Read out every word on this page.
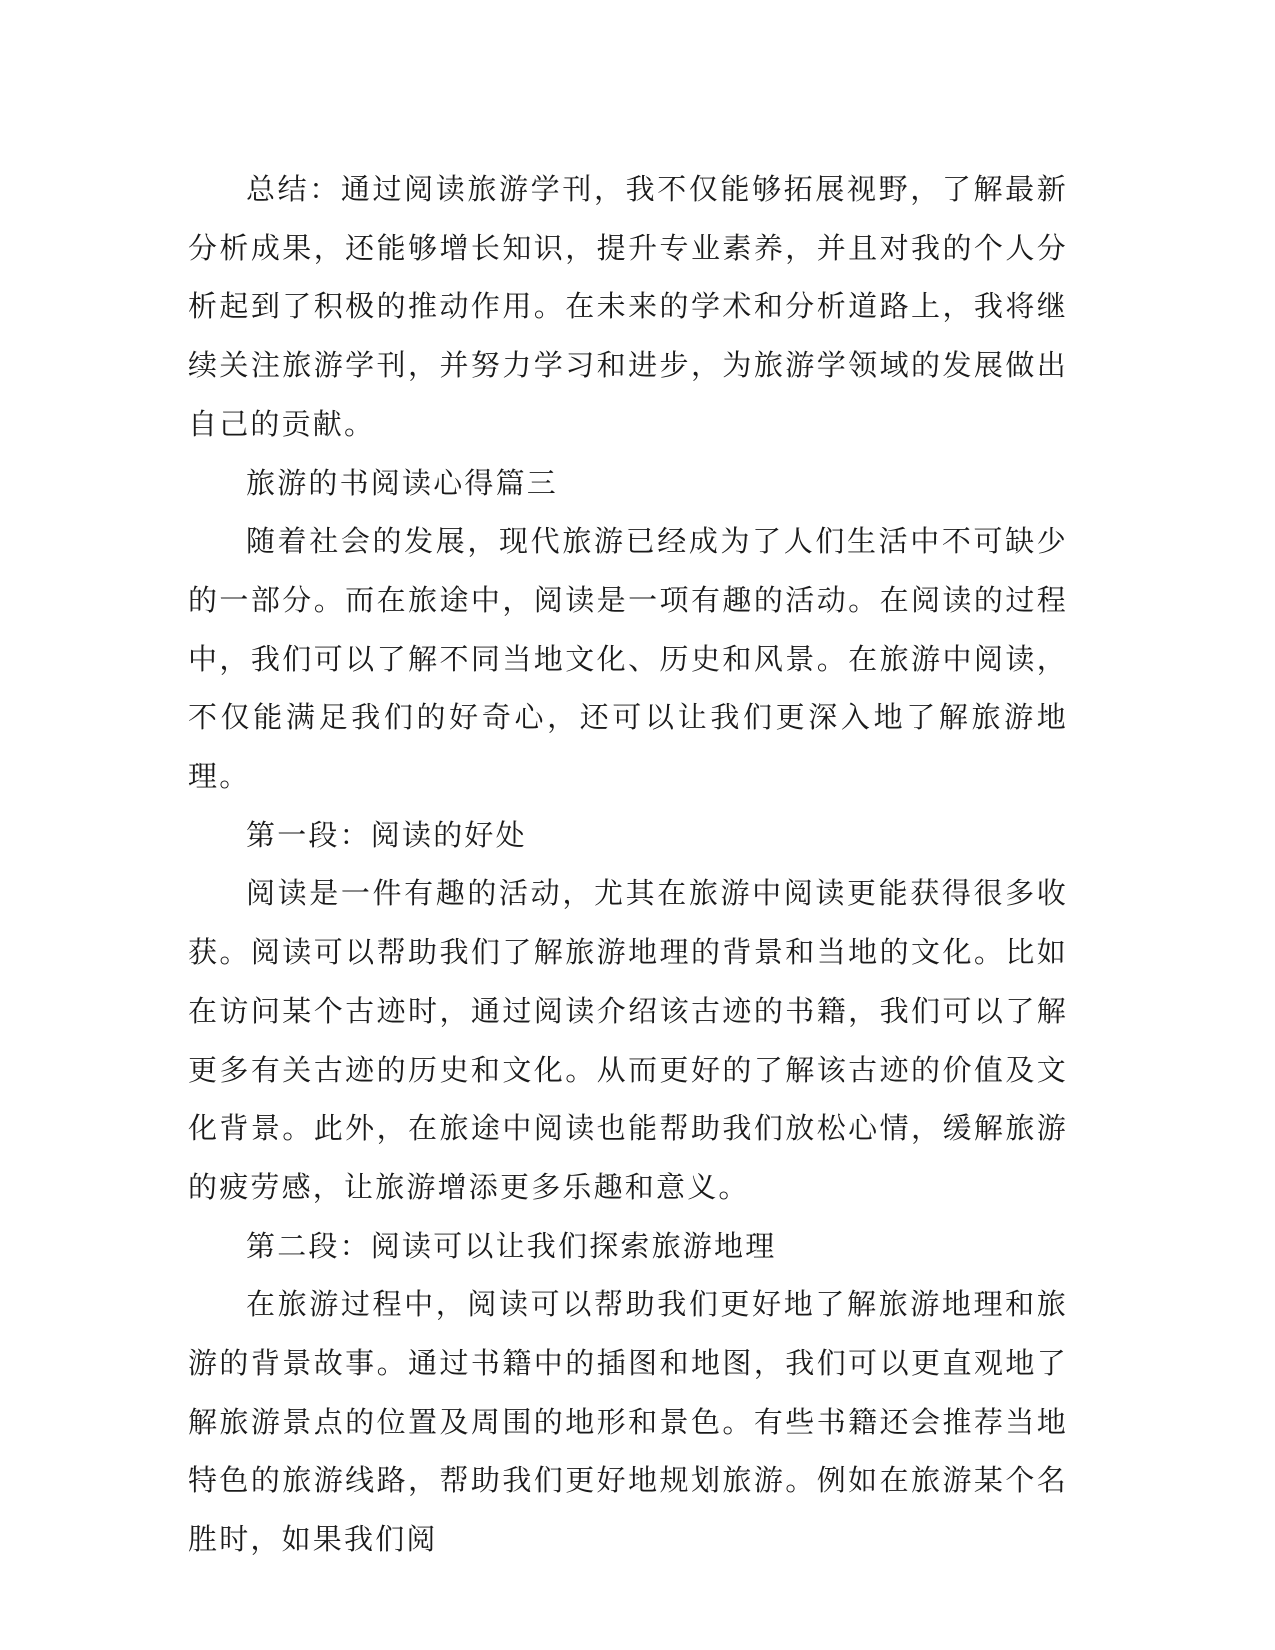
总结：通过阅读旅游学刊，我不仅能够拓展视野，了解最新分析成果，还能够增长知识，提升专业素养，并且对我的个人分析起到了积极的推动作用。在未来的学术和分析道路上，我将继续关注旅游学刊，并努力学习和进步，为旅游学领域的发展做出自己的贡献。

旅游的书阅读心得篇三

随着社会的发展，现代旅游已经成为了人们生活中不可缺少的一部分。而在旅途中，阅读是一项有趣的活动。在阅读的过程中，我们可以了解不同当地文化、历史和风景。在旅游中阅读，不仅能满足我们的好奇心，还可以让我们更深入地了解旅游地理。

第一段：阅读的好处

阅读是一件有趣的活动，尤其在旅游中阅读更能获得很多收获。阅读可以帮助我们了解旅游地理的背景和当地的文化。比如在访问某个古迹时，通过阅读介绍该古迹的书籍，我们可以了解更多有关古迹的历史和文化。从而更好的了解该古迹的价值及文化背景。此外，在旅途中阅读也能帮助我们放松心情，缓解旅游的疲劳感，让旅游增添更多乐趣和意义。

第二段：阅读可以让我们探索旅游地理

在旅游过程中，阅读可以帮助我们更好地了解旅游地理和旅游的背景故事。通过书籍中的插图和地图，我们可以更直观地了解旅游景点的位置及周围的地形和景色。有些书籍还会推荐当地特色的旅游线路，帮助我们更好地规划旅游。例如在旅游某个名胜时，如果我们阅
